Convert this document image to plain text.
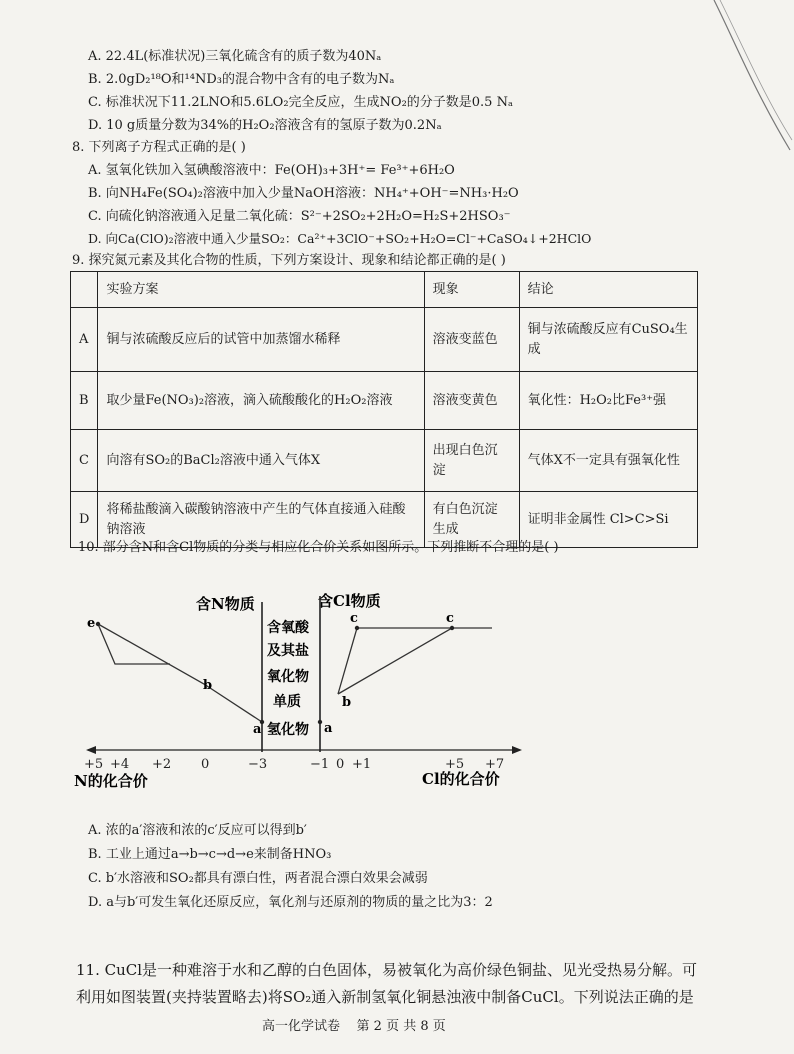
A. 22.4L(标准状况)三氧化硫含有的质子数为40Nₐ
B. 2.0gD₂¹⁸O和¹⁴ND₃的混合物中含有的电子数为Nₐ
C. 标准状况下11.2LNO和5.6LO₂完全反应，生成NO₂的分子数是0.5 Nₐ
D. 10 g质量分数为34%的H₂O₂溶液含有的氢原子数为0.2Nₐ
8. 下列离子方程式正确的是( )
A. 氢氧化铁加入氢碘酸溶液中：Fe(OH)₃+3H⁺= Fe³⁺+6H₂O
B. 向NH₄Fe(SO₄)₂溶液中加入少量NaOH溶液：NH₄⁺+OH⁻=NH₃·H₂O
C. 向硫化钠溶液通入足量二氧化硫：S²⁻+2SO₂+2H₂O=H₂S+2HSO₃⁻
D. 向Ca(ClO)₂溶液中通入少量SO₂：Ca²⁺+3ClO⁻+SO₂+H₂O=Cl⁻+CaSO₄↓+2HClO
9. 探究氮元素及其化合物的性质，下列方案设计、现象和结论都正确的是( )
	实验方案	现象	结论
A	铜与浓硫酸反应后的试管中加蒸馏水稀释	溶液变蓝色	铜与浓硫酸反应有CuSO₄生成
B	取少量Fe(NO₃)₂溶液，滴入硫酸酸化的H₂O₂溶液	溶液变黄色	氧化性：H₂O₂比Fe³⁺强
C	向溶有SO₂的BaCl₂溶液中通入气体X	出现白色沉淀	气体X不一定具有强氧化性
D	将稀盐酸滴入碳酸钠溶液中产生的气体直接通入硅酸钠溶液	有白色沉淀生成	证明非金属性 Cl>C>Si
10. 部分含N和含Cl物质的分类与相应化合价关系如图所示。下列推断不合理的是( )
含N物质	含Cl物质
含氧酸
及其盐
氧化物
单质
氢化物
e
b
a
c	c
b
a
+5 +4 +2 0	−3	−1 0 +1	+5 +7
N的化合价	Cl的化合价
A. 浓的a′溶液和浓的c′反应可以得到b′
B. 工业上通过a→b→c→d→e来制备HNO₃
C. b′水溶液和SO₂都具有漂白性，两者混合漂白效果会减弱
D. a与b′可发生氧化还原反应，氧化剂与还原剂的物质的量之比为3：2
11. CuCl是一种难溶于水和乙醇的白色固体，易被氧化为高价绿色铜盐、见光受热易分解。可
利用如图装置(夹持装置略去)将SO₂通入新制氢氧化铜悬浊液中制备CuCl。下列说法正确的是
高一化学试卷    第 2 页 共 8 页
